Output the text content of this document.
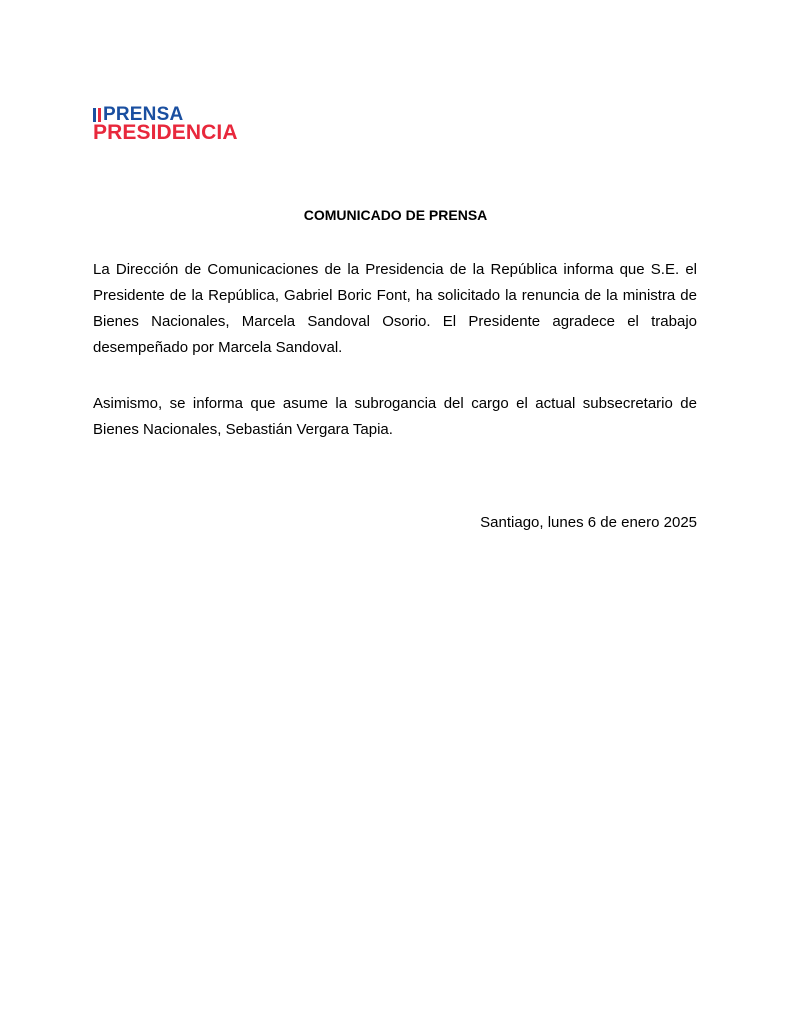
PRENSA
PRESIDENCIA
COMUNICADO DE PRENSA

La Dirección de Comunicaciones de la Presidencia de la República informa que S.E. el Presidente de la República, Gabriel Boric Font, ha solicitado la renuncia de la ministra de Bienes Nacionales, Marcela Sandoval Osorio. El Presidente agradece el trabajo desempeñado por Marcela Sandoval.

Asimismo, se informa que asume la subrogancia del cargo el actual subsecretario de Bienes Nacionales, Sebastián Vergara Tapia.

Santiago, lunes 6 de enero 2025
